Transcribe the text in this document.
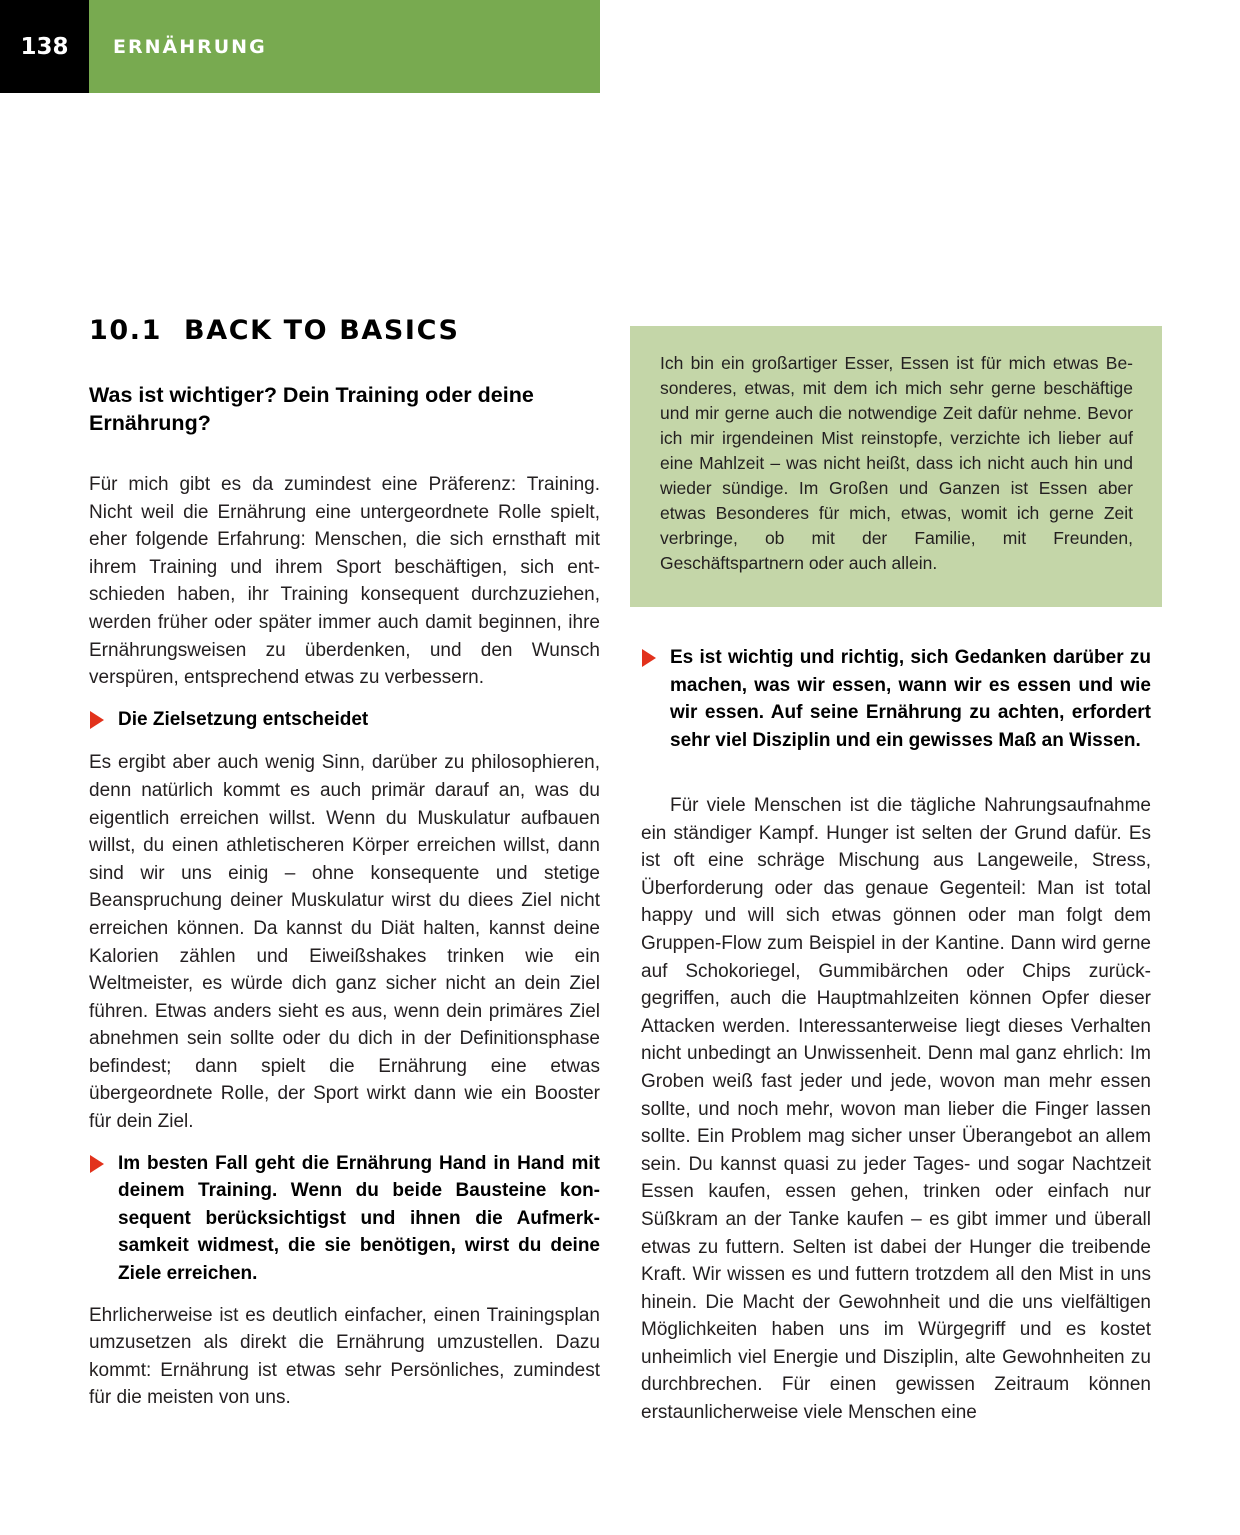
138	ERNÄHRUNG
10.1  BACK TO BASICS
Was ist wichtiger? Dein Training oder deine Ernährung?

Für mich gibt es da zumindest eine Präferenz: Training. Nicht weil die Ernährung eine untergeordnete Rolle spielt, eher folgende Erfahrung: Menschen, die sich ernsthaft mit ihrem Training und ihrem Sport beschäftigen, sich entschieden haben, ihr Training konsequent durchzuziehen, werden früher oder später immer auch damit beginnen, ihre Ernährungsweisen zu überdenken, und den Wunsch verspüren, entsprechend etwas zu verbessern.

Die Zielsetzung entscheidet

Es ergibt aber auch wenig Sinn, darüber zu philosophieren, denn natürlich kommt es auch primär darauf an, was du eigentlich erreichen willst. Wenn du Muskulatur aufbauen willst, du einen athletischeren Körper erreichen willst, dann sind wir uns einig – ohne konsequente und stetige Beanspruchung deiner Muskulatur wirst du diees Ziel nicht erreichen können. Da kannst du Diät halten, kannst deine Kalorien zählen und Eiweißshakes trinken wie ein Weltmeister, es würde dich ganz sicher nicht an dein Ziel führen. Etwas anders sieht es aus, wenn dein primäres Ziel abnehmen sein sollte oder du dich in der Definitionsphase befindest; dann spielt die Ernährung eine etwas übergeordnete Rolle, der Sport wirkt dann wie ein Booster für dein Ziel.

Im besten Fall geht die Ernährung Hand in Hand mit deinem Training. Wenn du beide Bausteine konsequent berücksichtigst und ihnen die Aufmerksamkeit widmest, die sie benötigen, wirst du deine Ziele erreichen.

Ehrlicherweise ist es deutlich einfacher, einen Trainingsplan umzusetzen als direkt die Ernährung umzustellen. Dazu kommt: Ernährung ist etwas sehr Persönliches, zumindest für die meisten von uns.

Ich bin ein großartiger Esser, Essen ist für mich etwas Besonderes, etwas, mit dem ich mich sehr gerne beschäftige und mir gerne auch die notwendige Zeit dafür nehme. Bevor ich mir irgendeinen Mist reinstopfe, verzichte ich lieber auf eine Mahlzeit – was nicht heißt, dass ich nicht auch hin und wieder sündige. Im Großen und Ganzen ist Essen aber etwas Besonderes für mich, etwas, womit ich gerne Zeit verbringe, ob mit der Familie, mit Freunden, Geschäftspartnern oder auch allein.

Es ist wichtig und richtig, sich Gedanken darüber zu machen, was wir essen, wann wir es essen und wie wir essen. Auf seine Ernährung zu achten, erfordert sehr viel Disziplin und ein gewisses Maß an Wissen.

Für viele Menschen ist die tägliche Nahrungsaufnahme ein ständiger Kampf. Hunger ist selten der Grund dafür. Es ist oft eine schräge Mischung aus Langeweile, Stress, Überforderung oder das genaue Gegenteil: Man ist total happy und will sich etwas gönnen oder man folgt dem Gruppen-Flow zum Beispiel in der Kantine. Dann wird gerne auf Schokoriegel, Gummibärchen oder Chips zurückgegriffen, auch die Hauptmahlzeiten können Opfer dieser Attacken werden. Interessanterweise liegt dieses Verhalten nicht unbedingt an Unwissenheit. Denn mal ganz ehrlich: Im Groben weiß fast jeder und jede, wovon man mehr essen sollte, und noch mehr, wovon man lieber die Finger lassen sollte. Ein Problem mag sicher unser Überangebot an allem sein. Du kannst quasi zu jeder Tages- und sogar Nachtzeit Essen kaufen, essen gehen, trinken oder einfach nur Süßkram an der Tanke kaufen – es gibt immer und überall etwas zu futtern. Selten ist dabei der Hunger die treibende Kraft. Wir wissen es und futtern trotzdem all den Mist in uns hinein. Die Macht der Gewohnheit und die uns vielfältigen Möglichkeiten haben uns im Würgegriff und es kostet unheimlich viel Energie und Disziplin, alte Gewohnheiten zu durchbrechen. Für einen gewissen Zeitraum können erstaunlicherweise viele Menschen eine
